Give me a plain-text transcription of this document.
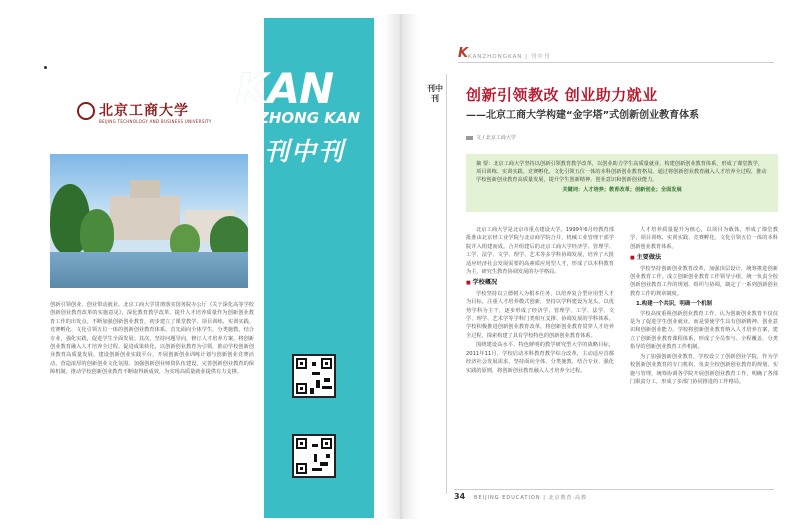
KAN
ZHONG KAN
刊中刊
北京工商大学
BEIJING TECHNOLOGY AND BUSINESS UNIVERSITY
创新引领创业、创业带动就业。北京工商大学贯彻落实国务院办公厅《关于深化高等学校创新创业教育改革的实施意见》，深化教育教学改革，提升人才培养质量作为创新创业教育工作的出发点。不断加强创新创业教育，初步建立了课堂教学、项目训练、实训实践、竞赛孵化、文化引领五位一体的创新创业教育体系。首先面向全体学生，分类施教，结合专业，强化实践，促进学生全面发展；其次，坚持问题导向，修订人才培养方案，将创新创业教育融入人才培养全过程。促进成果转化，以创新创业教育为引领，推动学校创新创业教育高质量发展。建设创新创业实践平台，开展创新创业训练计划与创新创业竞赛活动，营造浓厚的创新创业文化氛围。加强创新创业师资队伍建设，完善创新创业教育的保障机制，推动学校创新创业教育不断取得新成效，为实现高质量就业提供有力支撑。
K KANZHONGKAN | 刊中刊
刊中刊	创新引领教改 创业助力就业
——北京工商大学构建“金字塔”式创新创业教育体系
文 / 北京工商大学
摘 要：北京工商大学坚持以创新引领教育教学改革，以创业助力学生高质量就业，构建创新创业教育体系，形成了课堂教学、项目训练、实训实践、竞赛孵化、文化引领五位一体的本科创新创业教育格局。通过将创新创业教育融入人才培养全过程，推动学校创新创业教育高质量发展，提升学生创新精神、创业意识和创新创业能力。
关键词：人才培养；教育改革；创新创业；全面发展

北京工商大学是北京市重点建设大学。1999年6月经教育部批准由北京轻工业学院与北京商学院合并，机械工业管理干部学院并入组建而成。合并组建后的北京工商大学经济学、管理学、工学、法学、文学、理学、艺术等多学科协调发展，培养了大批适应经济社会发展需要的高素质应用型人才，形成了以本科教育为主，研究生教育协调发展的办学格局。

■ 学校概况

学校坚持以立德树人为根本任务，以培养复合型应用型人才为目标，注重人才培养模式创新，坚持以学科建设为龙头，以优势学科为主干，逐步形成了经济学、管理学、工学、法学、文学、理学、艺术学等学科门类相互支撑、协调发展的学科体系。学校积极推进创新创业教育改革，将创新创业教育贯穿人才培养全过程，探索构建了具有学校特色的创新创业教育体系。

围绕建设高水平、特色鲜明的教学研究型大学的战略目标，2011年11月，学校启动本科教育教学综合改革，主动适应首都经济社会发展需求，坚持面向全体、分类施教、结合专业、强化实践的原则，将创新创业教育融入人才培养全过程。

人才培养质量提升为核心，以项目为载体，形成了课堂教学、项目训练、实训实践、竞赛孵化、文化引领五位一体的本科创新创业教育体系。

■ 主要做法

学校坚持创新创业教育改革，加强顶层设计，统筹推进创新创业教育工作。成立创新创业教育工作领导小组，统一负责全校创新创业教育工作的规划、组织与协调，制定了一系列创新创业教育工作的规章制度。

1.构建一个共识，明确一个机制

学校高度重视创新创业教育工作，认为创新创业教育不仅仅是为了促进学生创业就业，而是要使学生具有创新精神、创业意识和创新创业能力。学校将创新创业教育纳入人才培养方案，建立了创新创业教育课程体系，形成了全员参与、全程覆盖、分类指导的创新创业教育工作机制。

为了加强创新创业教育，学校设立了创新创业学院，作为学校创新创业教育的专门机构，负责全校创新创业教育的规划、实施与管理，统筹协调各学院开展创新创业教育工作，明确了各部门职责分工，形成了多部门协同推进的工作格局。

34 BEIJING EDUCATION | 北京教育·高教
